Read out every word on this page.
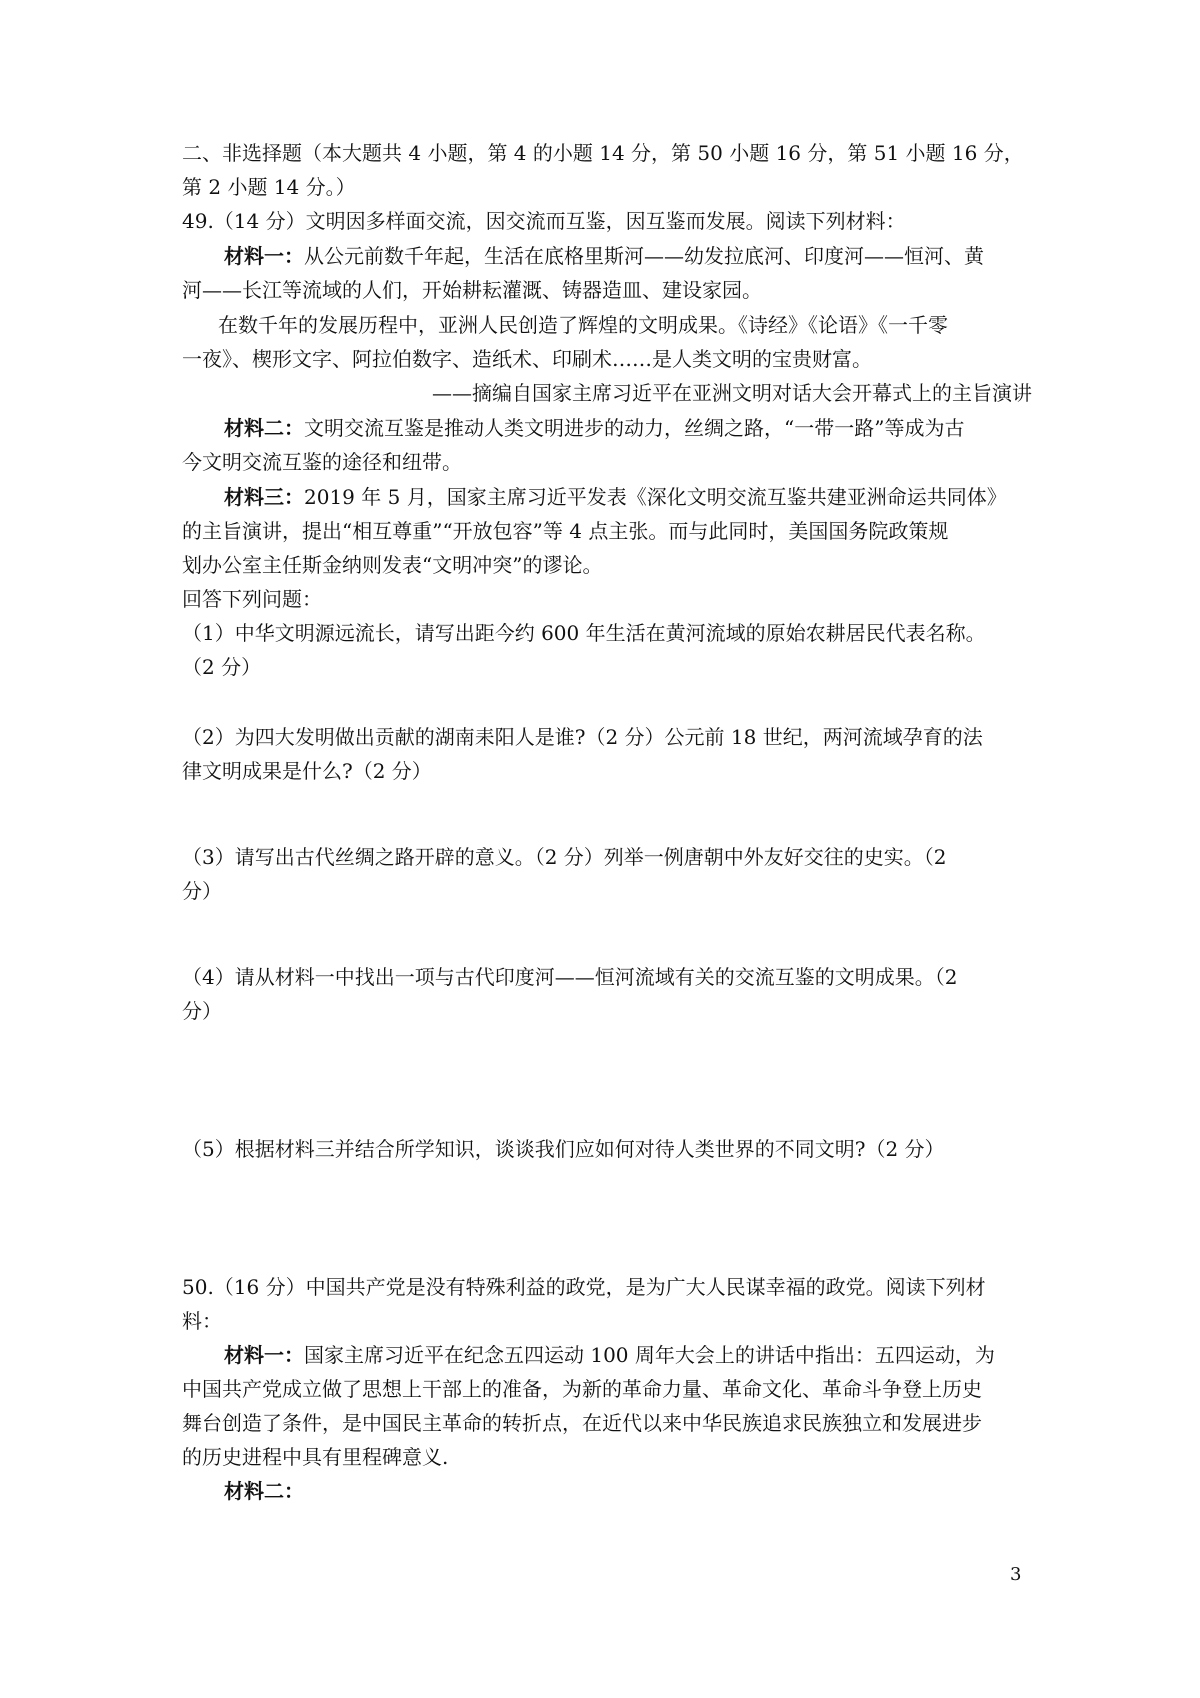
二、非选择题（本大题共 4 小题，第 4 的小题 14 分，第 50 小题 16 分，第 51 小题 16 分，
第 2 小题 14 分。）
49.（14 分）文明因多样面交流，因交流而互鉴，因互鉴而发展。阅读下列材料：
材料一：从公元前数千年起，生活在底格里斯河——幼发拉底河、印度河——恒河、黄
河——长江等流域的人们，开始耕耘灌溉、铸器造皿、建设家园。
在数千年的发展历程中，亚洲人民创造了辉煌的文明成果。《诗经》《论语》《一千零
一夜》、楔形文字、阿拉伯数字、造纸术、印刷术……是人类文明的宝贵财富。
——摘编自国家主席习近平在亚洲文明对话大会开幕式上的主旨演讲
材料二：文明交流互鉴是推动人类文明进步的动力，丝绸之路，“一带一路”等成为古
今文明交流互鉴的途径和纽带。
材料三：2019 年 5 月，国家主席习近平发表《深化文明交流互鉴共建亚洲命运共同体》
的主旨演讲，提出“相互尊重”“开放包容”等 4 点主张。而与此同时，美国国务院政策规
划办公室主任斯金纳则发表“文明冲突”的谬论。
回答下列问题：
（1）中华文明源远流长，请写出距今约 600 年生活在黄河流域的原始农耕居民代表名称。
（2 分）
（2）为四大发明做出贡献的湖南耒阳人是谁?（2 分）公元前 18 世纪，两河流域孕育的法
律文明成果是什么?（2 分）
（3）请写出古代丝绸之路开辟的意义。（2 分）列举一例唐朝中外友好交往的史实。（2
分）
（4）请从材料一中找出一项与古代印度河——恒河流域有关的交流互鉴的文明成果。（2
分）
（5）根据材料三并结合所学知识，谈谈我们应如何对待人类世界的不同文明?（2 分）
50.（16 分）中国共产党是没有特殊利益的政党，是为广大人民谋幸福的政党。阅读下列材
料：
材料一：国家主席习近平在纪念五四运动 100 周年大会上的讲话中指出：五四运动，为
中国共产党成立做了思想上干部上的准备，为新的革命力量、革命文化、革命斗争登上历史
舞台创造了条件，是中国民主革命的转折点，在近代以来中华民族追求民族独立和发展进步
的历史进程中具有里程碑意义.
材料二：
3
